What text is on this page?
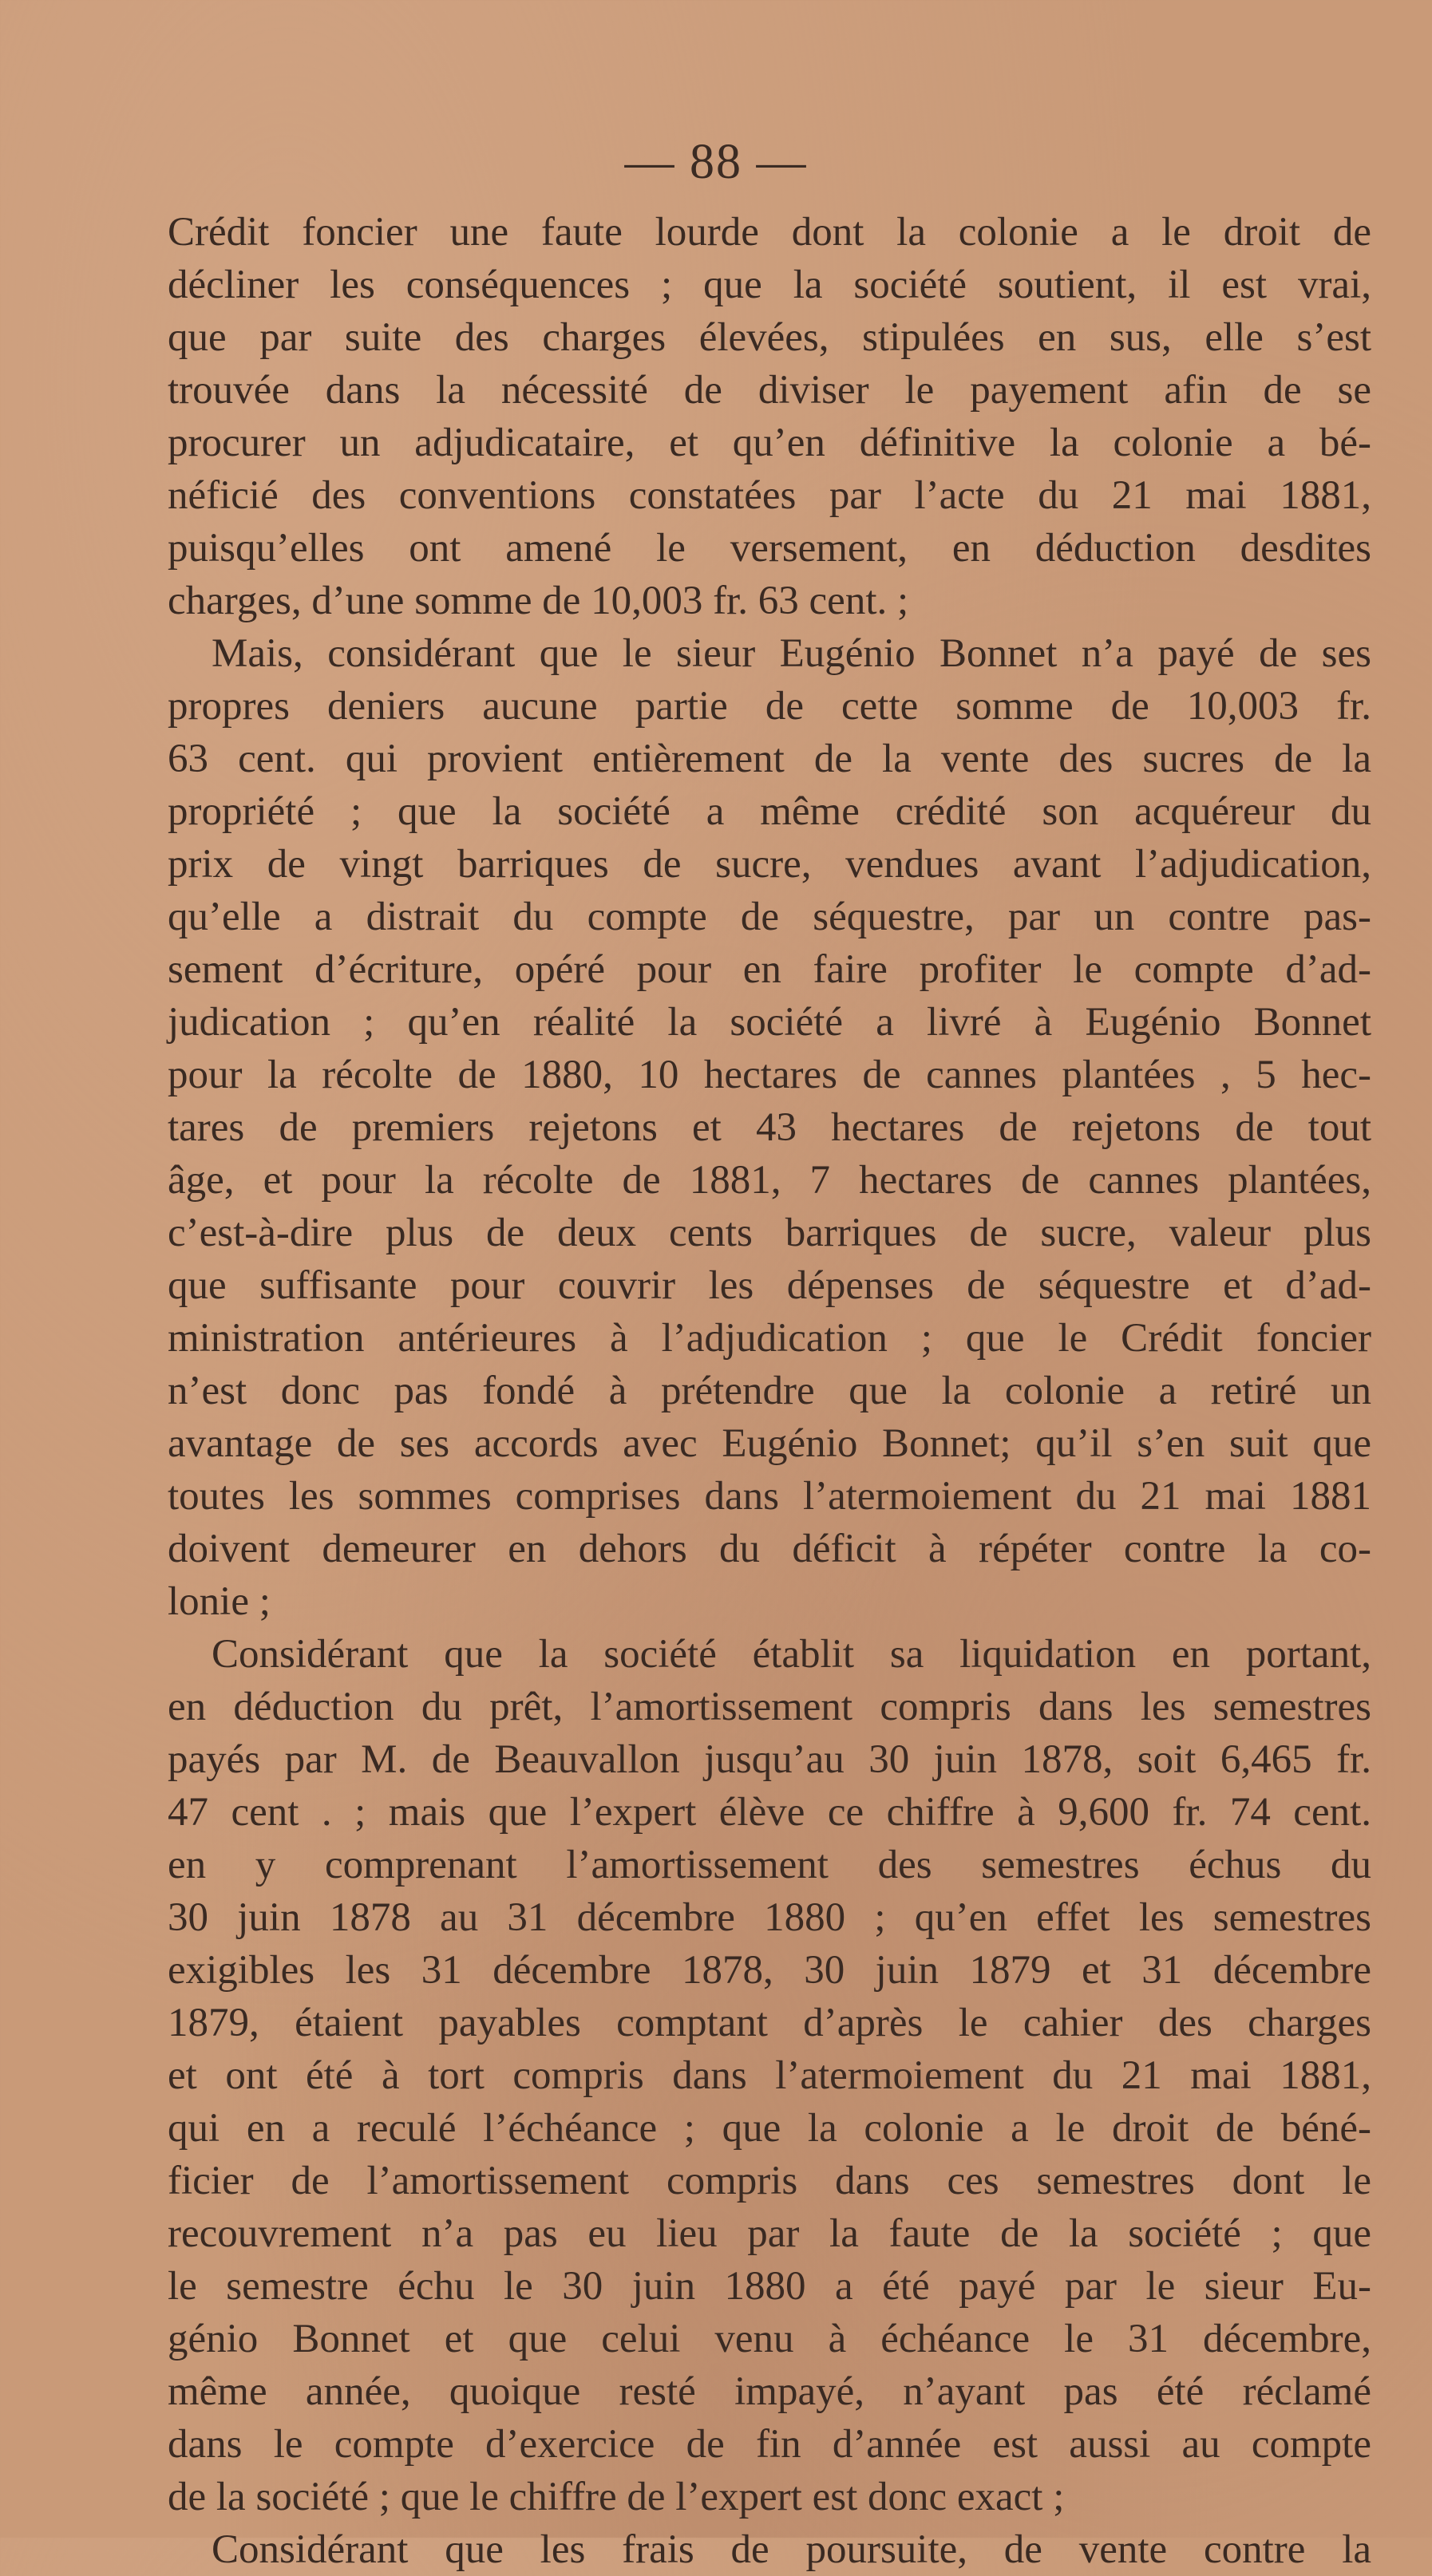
— 88 —
Crédit foncier une faute lourde dont la colonie a le droit de
décliner les conséquences ; que la société soutient, il est vrai,
que par suite des charges élevées, stipulées en sus, elle s’est
trouvée dans la nécessité de diviser le payement afin de se
procurer un adjudicataire, et qu’en définitive la colonie a bé-
néficié des conventions constatées par l’acte du 21 mai 1881,
puisqu’elles ont amené le versement, en déduction desdites
charges, d’une somme de 10,003 fr. 63 cent. ;
Mais, considérant que le sieur Eugénio Bonnet n’a payé de ses
propres deniers aucune partie de cette somme de 10,003 fr.
63 cent. qui provient entièrement de la vente des sucres de la
propriété ; que la société a même crédité son acquéreur du
prix de vingt barriques de sucre, vendues avant l’adjudication,
qu’elle a distrait du compte de séquestre, par un contre pas-
sement d’écriture, opéré pour en faire profiter le compte d’ad-
judication ; qu’en réalité la société a livré à Eugénio Bonnet
pour la récolte de 1880, 10 hectares de cannes plantées , 5 hec-
tares de premiers rejetons et 43 hectares de rejetons de tout
âge, et pour la récolte de 1881, 7 hectares de cannes plantées,
c’est-à-dire plus de deux cents barriques de sucre, valeur plus
que suffisante pour couvrir les dépenses de séquestre et d’ad-
ministration antérieures à l’adjudication ; que le Crédit foncier
n’est donc pas fondé à prétendre que la colonie a retiré un
avantage de ses accords avec Eugénio Bonnet; qu’il s’en suit que
toutes les sommes comprises dans l’atermoiement du 21 mai 1881
doivent demeurer en dehors du déficit à répéter contre la co-
lonie ;
Considérant que la société établit sa liquidation en portant,
en déduction du prêt, l’amortissement compris dans les semestres
payés par M. de Beauvallon jusqu’au 30 juin 1878, soit 6,465 fr.
47 cent . ; mais que l’expert élève ce chiffre à 9,600 fr. 74 cent.
en y comprenant l’amortissement des semestres échus du
30 juin 1878 au 31 décembre 1880 ; qu’en effet les semestres
exigibles les 31 décembre 1878, 30 juin 1879 et 31 décembre
1879, étaient payables comptant d’après le cahier des charges
et ont été à tort compris dans l’atermoiement du 21 mai 1881,
qui en a reculé l’échéance ; que la colonie a le droit de béné-
ficier de l’amortissement compris dans ces semestres dont le
recouvrement n’a pas eu lieu par la faute de la société ; que
le semestre échu le 30 juin 1880 a été payé par le sieur Eu-
génio Bonnet et que celui venu à échéance le 31 décembre,
même année, quoique resté impayé, n’ayant pas été réclamé
dans le compte d’exercice de fin d’année est aussi au compte
de la société ; que le chiffre de l’expert est donc exact ;
Considérant que les frais de poursuite, de vente contre la
